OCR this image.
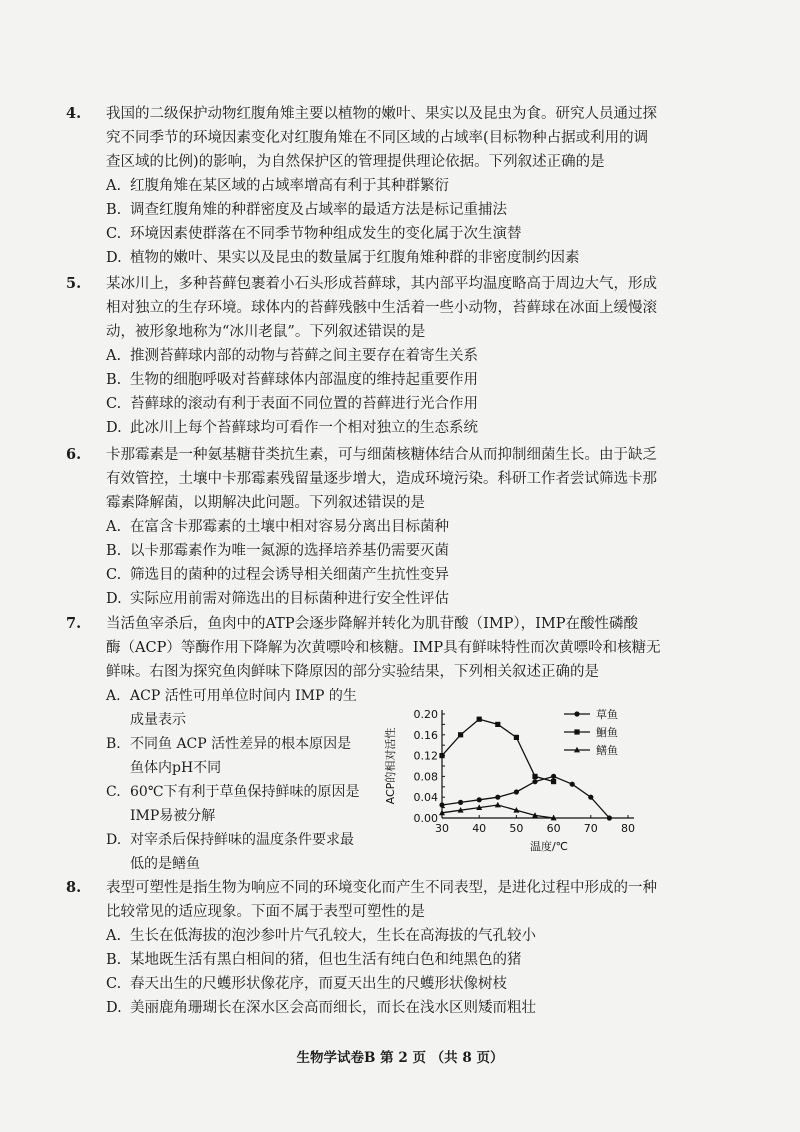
4. 我国的二级保护动物红腹角雉主要以植物的嫩叶、果实以及昆虫为食。研究人员通过探
究不同季节的环境因素变化对红腹角雉在不同区域的占域率(目标物种占据或利用的调
查区域的比例)的影响，为自然保护区的管理提供理论依据。下列叙述正确的是
A. 红腹角雉在某区域的占域率增高有利于其种群繁衍
B. 调查红腹角雉的种群密度及占域率的最适方法是标记重捕法
C. 环境因素使群落在不同季节物种组成发生的变化属于次生演替
D. 植物的嫩叶、果实以及昆虫的数量属于红腹角雉种群的非密度制约因素
5. 某冰川上，多种苔藓包裹着小石头形成苔藓球，其内部平均温度略高于周边大气，形成
相对独立的生存环境。球体内的苔藓残骸中生活着一些小动物，苔藓球在冰面上缓慢滚
动，被形象地称为“冰川老鼠”。下列叙述错误的是
A. 推测苔藓球内部的动物与苔藓之间主要存在着寄生关系
B. 生物的细胞呼吸对苔藓球体内部温度的维持起重要作用
C. 苔藓球的滚动有利于表面不同位置的苔藓进行光合作用
D. 此冰川上每个苔藓球均可看作一个相对独立的生态系统
6. 卡那霉素是一种氨基糖苷类抗生素，可与细菌核糖体结合从而抑制细菌生长。由于缺乏
有效管控，土壤中卡那霉素残留量逐步增大，造成环境污染。科研工作者尝试筛选卡那
霉素降解菌，以期解决此问题。下列叙述错误的是
A. 在富含卡那霉素的土壤中相对容易分离出目标菌种
B. 以卡那霉素作为唯一氮源的选择培养基仍需要灭菌
C. 筛选目的菌种的过程会诱导相关细菌产生抗性变异
D. 实际应用前需对筛选出的目标菌种进行安全性评估
7. 当活鱼宰杀后，鱼肉中的ATP会逐步降解并转化为肌苷酸（IMP），IMP在酸性磷酸
酶（ACP）等酶作用下降解为次黄嘌呤和核糖。IMP具有鲜味特性而次黄嘌呤和核糖无
鲜味。右图为探究鱼肉鲜味下降原因的部分实验结果，下列相关叙述正确的是
A. ACP 活性可用单位时间内 IMP 的生
成量表示
B. 不同鱼 ACP 活性差异的根本原因是
鱼体内pH不同
C. 60℃下有利于草鱼保持鲜味的原因是
IMP易被分解
D. 对宰杀后保持鲜味的温度条件要求最
低的是鳝鱼
0.00
0.04
0.08
0.12
0.16
0.20
30 40 50 60 70 80
ACP的相对活性
温度/℃
草鱼
鮰鱼
鳝鱼
8. 表型可塑性是指生物为响应不同的环境变化而产生不同表型，是进化过程中形成的一种
比较常见的适应现象。下面不属于表型可塑性的是
A. 生长在低海拔的泡沙参叶片气孔较大，生长在高海拔的气孔较小
B. 某地既生活有黑白相间的猪，但也生活有纯白色和纯黑色的猪
C. 春天出生的尺蠖形状像花序，而夏天出生的尺蠖形状像树枝
D. 美丽鹿角珊瑚长在深水区会高而细长，而长在浅水区则矮而粗壮
生物学试卷B 第 2 页 （共 8 页）
